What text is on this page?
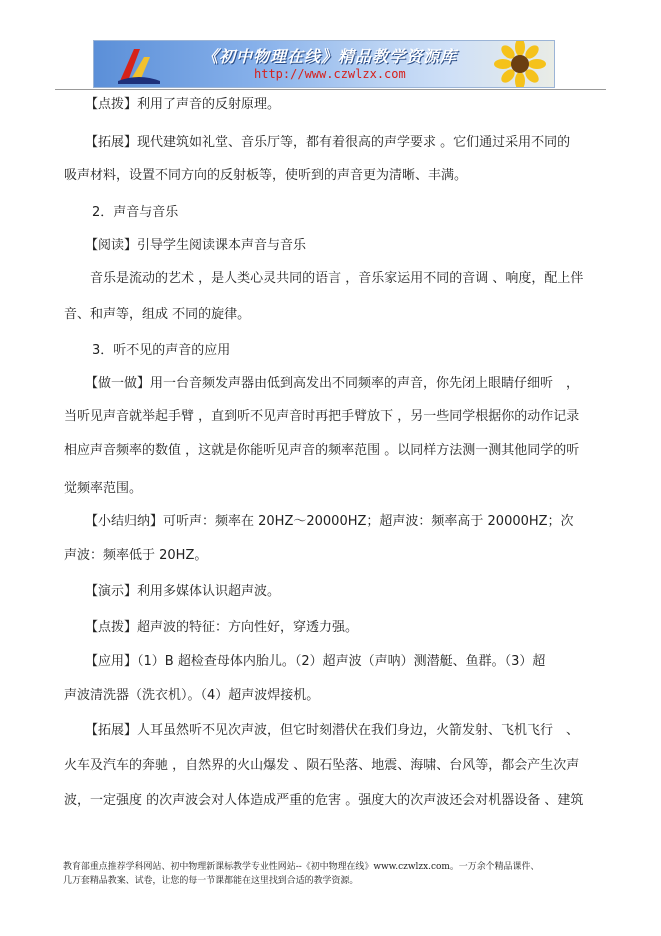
《初中物理在线》精品教学资源库
http://www.czwlzx.com
【点拨】利用了声音的反射原理。
【拓展】现代建筑如礼堂、音乐厅等，都有着很高的声学要求 。它们通过采用不同的
吸声材料，设置不同方向的反射板等，使听到的声音更为清晰、丰满。
2．声音与音乐
【阅读】引导学生阅读课本声音与音乐
音乐是流动的艺术 ，是人类心灵共同的语言 ，音乐家运用不同的音调 、响度，配上伴
音、和声等，组成 不同的旋律。
3．听不见的声音的应用
【做一做】用一台音频发声器由低到高发出不同频率的声音，你先闭上眼睛仔细听　，
当听见声音就举起手臂 ，直到听不见声音时再把手臂放下 ，另一些同学根据你的动作记录
相应声音频率的数值 ，这就是你能听见声音的频率范围 。以同样方法测一测其他同学的听
觉频率范围。
【小结归纳】可听声：频率在 20HZ～20000HZ；超声波：频率高于 20000HZ；次
声波：频率低于 20HZ。
【演示】利用多媒体认识超声波。
【点拨】超声波的特征：方向性好，穿透力强。
【应用】（1）B 超检查母体内胎儿。（2）超声波（声呐）测潜艇、鱼群。（3）超
声波清洗器（洗衣机）。（4）超声波焊接机。
【拓展】人耳虽然听不见次声波，但它时刻潜伏在我们身边，火箭发射、飞机飞行　、
火车及汽车的奔驰 ，自然界的火山爆发 、陨石坠落、地震、海啸、台风等，都会产生次声
波，一定强度 的次声波会对人体造成严重的危害 。强度大的次声波还会对机器设备 、建筑
教育部重点推荐学科网站、初中物理新课标教学专业性网站--《初中物理在线》www.czwlzx.com。一万余个精品课件、
几万套精品教案、试卷，让您的每一节课都能在这里找到合适的教学资源。
